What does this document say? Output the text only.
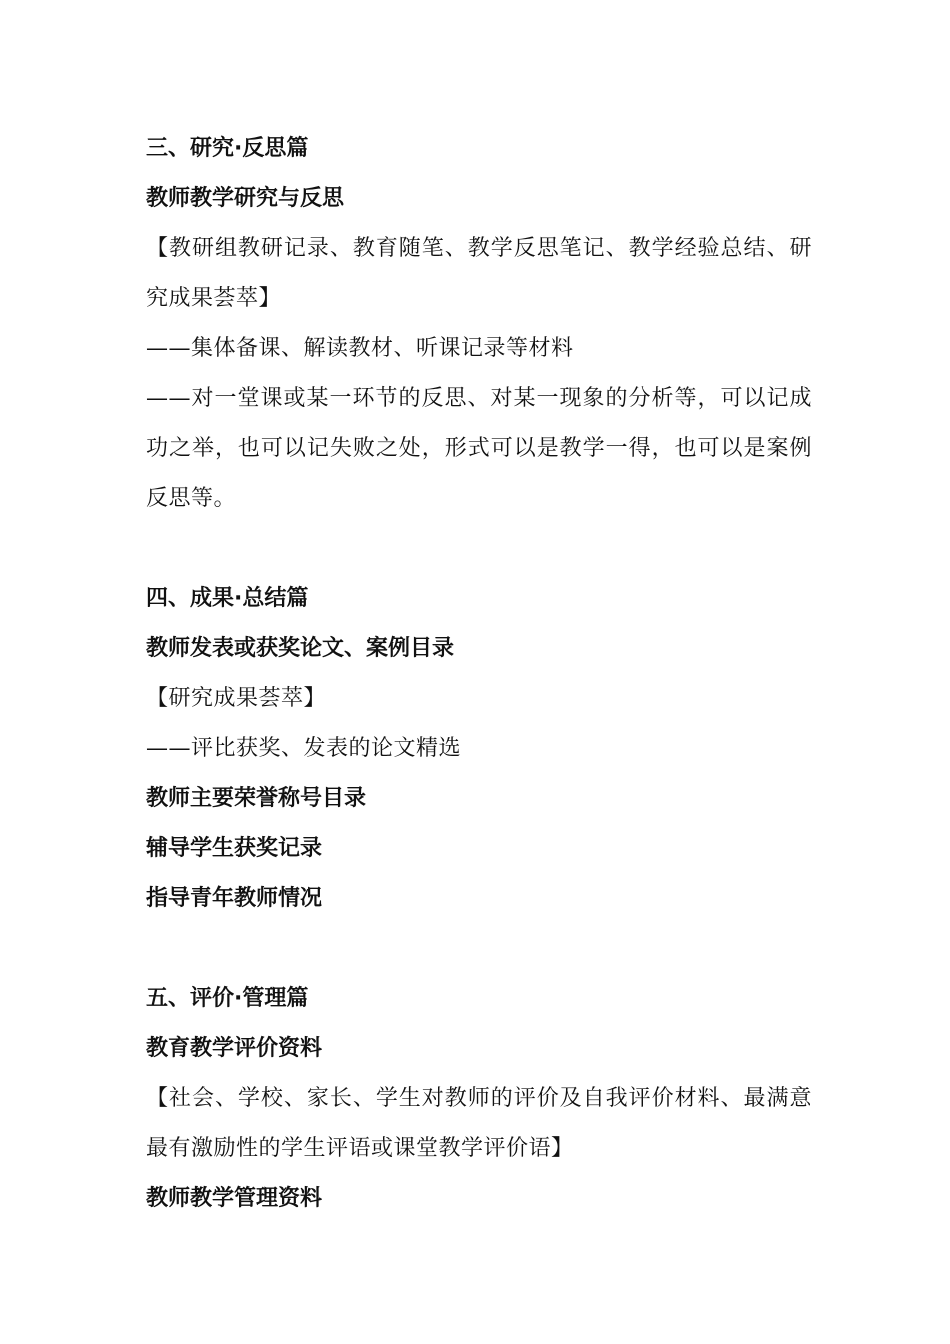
三、研究·反思篇
教师教学研究与反思
【教研组教研记录、教育随笔、教学反思笔记、教学经验总结、研究成果荟萃】
——集体备课、解读教材、听课记录等材料
——对一堂课或某一环节的反思、对某一现象的分析等，可以记成功之举，也可以记失败之处，形式可以是教学一得，也可以是案例反思等。
四、成果·总结篇
教师发表或获奖论文、案例目录
【研究成果荟萃】
——评比获奖、发表的论文精选
教师主要荣誉称号目录
辅导学生获奖记录
指导青年教师情况
五、评价·管理篇
教育教学评价资料
【社会、学校、家长、学生对教师的评价及自我评价材料、最满意最有激励性的学生评语或课堂教学评价语】
教师教学管理资料
